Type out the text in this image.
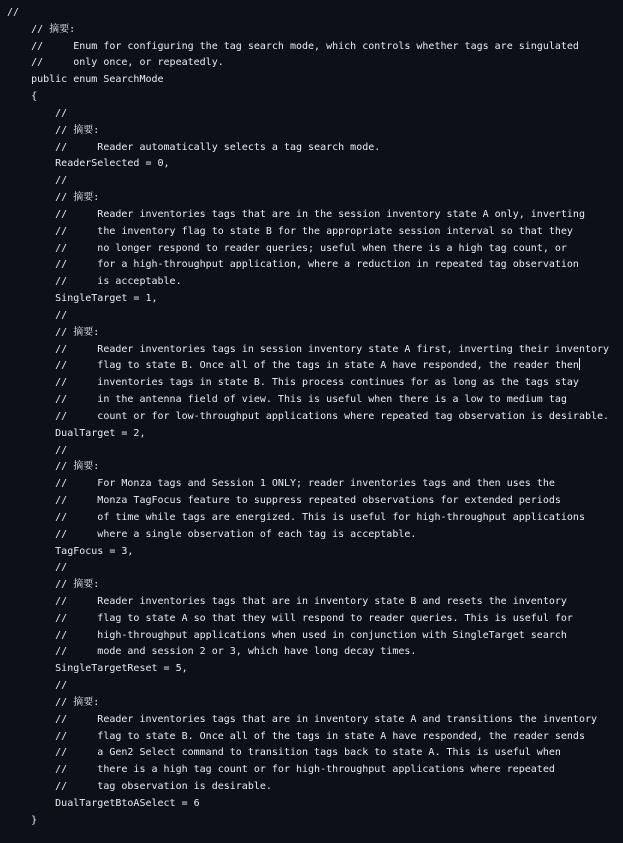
//
// 摘要:
//     Enum for configuring the tag search mode, which controls whether tags are singulated
//     only once, or repeatedly.
public enum SearchMode
{
//
// 摘要:
//     Reader automatically selects a tag search mode.
ReaderSelected = 0,
//
// 摘要:
//     Reader inventories tags that are in the session inventory state A only, inverting
//     the inventory flag to state B for the appropriate session interval so that they
//     no longer respond to reader queries; useful when there is a high tag count, or
//     for a high-throughput application, where a reduction in repeated tag observation
//     is acceptable.
SingleTarget = 1,
//
// 摘要:
//     Reader inventories tags in session inventory state A first, inverting their inventory
//     flag to state B. Once all of the tags in state A have responded, the reader then
//     inventories tags in state B. This process continues for as long as the tags stay
//     in the antenna field of view. This is useful when there is a low to medium tag
//     count or for low-throughput applications where repeated tag observation is desirable.
DualTarget = 2,
//
// 摘要:
//     For Monza tags and Session 1 ONLY; reader inventories tags and then uses the
//     Monza TagFocus feature to suppress repeated observations for extended periods
//     of time while tags are energized. This is useful for high-throughput applications
//     where a single observation of each tag is acceptable.
TagFocus = 3,
//
// 摘要:
//     Reader inventories tags that are in inventory state B and resets the inventory
//     flag to state A so that they will respond to reader queries. This is useful for
//     high-throughput applications when used in conjunction with SingleTarget search
//     mode and session 2 or 3, which have long decay times.
SingleTargetReset = 5,
//
// 摘要:
//     Reader inventories tags that are in inventory state A and transitions the inventory
//     flag to state B. Once all of the tags in state A have responded, the reader sends
//     a Gen2 Select command to transition tags back to state A. This is useful when
//     there is a high tag count or for high-throughput applications where repeated
//     tag observation is desirable.
DualTargetBtoASelect = 6
}
